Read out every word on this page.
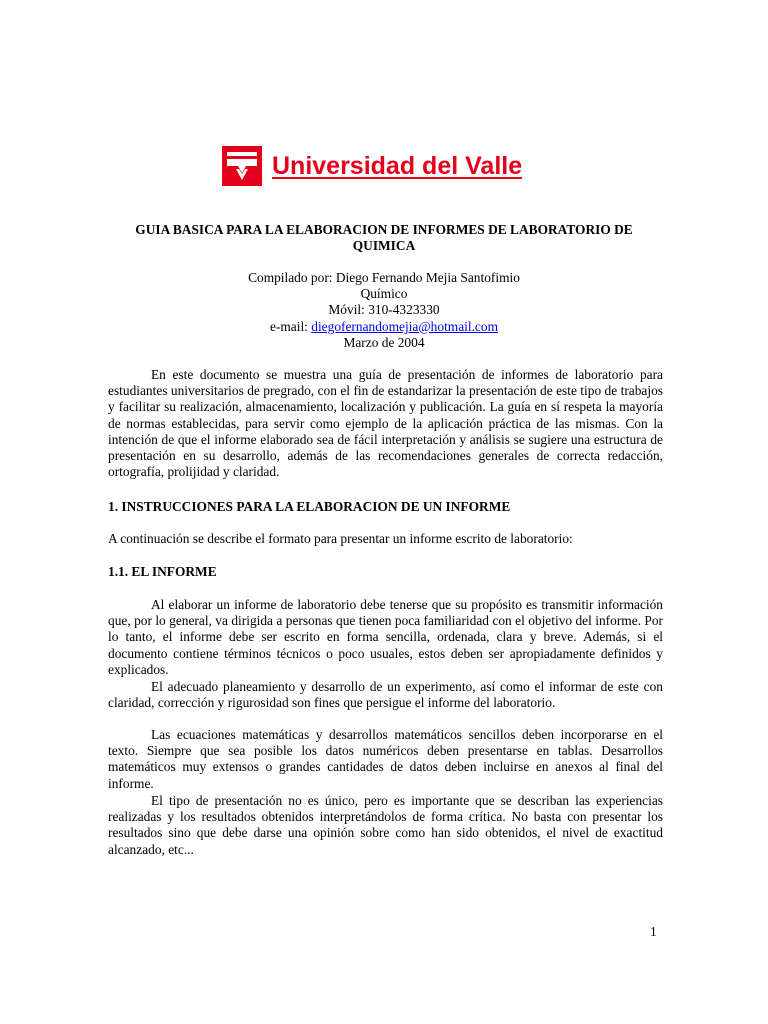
Universidad del Valle
GUIA BASICA PARA LA ELABORACION DE INFORMES DE LABORATORIO DE QUIMICA
Compilado por: Diego Fernando Mejia Santofimio
Químico
Móvil: 310-4323330
e-mail: diegofernandomejia@hotmail.com
Marzo de 2004

En este documento se muestra una guía de presentación de informes de laboratorio para estudiantes universitarios de pregrado, con el fin de estandarizar la presentación de este tipo de trabajos y facilitar su realización, almacenamiento, localización y publicación. La guía en sí respeta la mayoría de normas establecidas, para servir como ejemplo de la aplicación práctica de las mismas. Con la intención de que el informe elaborado sea de fácil interpretación y análisis se sugiere una estructura de presentación en su desarrollo, además de las recomendaciones generales de correcta redacción, ortografía, prolijidad y claridad.

1. INSTRUCCIONES PARA LA ELABORACION DE UN INFORME
A continuación se describe el formato para presentar un informe escrito de laboratorio:
1.1. EL INFORME

Al elaborar un informe de laboratorio debe tenerse que su propósito es transmitir información que, por lo general, va dirigida a personas que tienen poca familiaridad con el objetivo del informe. Por lo tanto, el informe debe ser escrito en forma sencilla, ordenada, clara y breve. Además, si el documento contiene términos técnicos o poco usuales, estos deben ser apropiadamente definidos y explicados.

El adecuado planeamiento y desarrollo de un experimento, así como el informar de este con claridad, corrección y rigurosidad son fines que persigue el informe del laboratorio.

Las ecuaciones matemáticas y desarrollos matemáticos sencillos deben incorporarse en el texto. Siempre que sea posible los datos numéricos deben presentarse en tablas. Desarrollos matemáticos muy extensos o grandes cantidades de datos deben incluirse en anexos al final del informe.

El tipo de presentación no es único, pero es importante que se describan las experiencias realizadas y los resultados obtenidos interpretándolos de forma crítica. No basta con presentar los resultados sino que debe darse una opinión sobre como han sido obtenidos, el nivel de exactitud alcanzado, etc...

1
